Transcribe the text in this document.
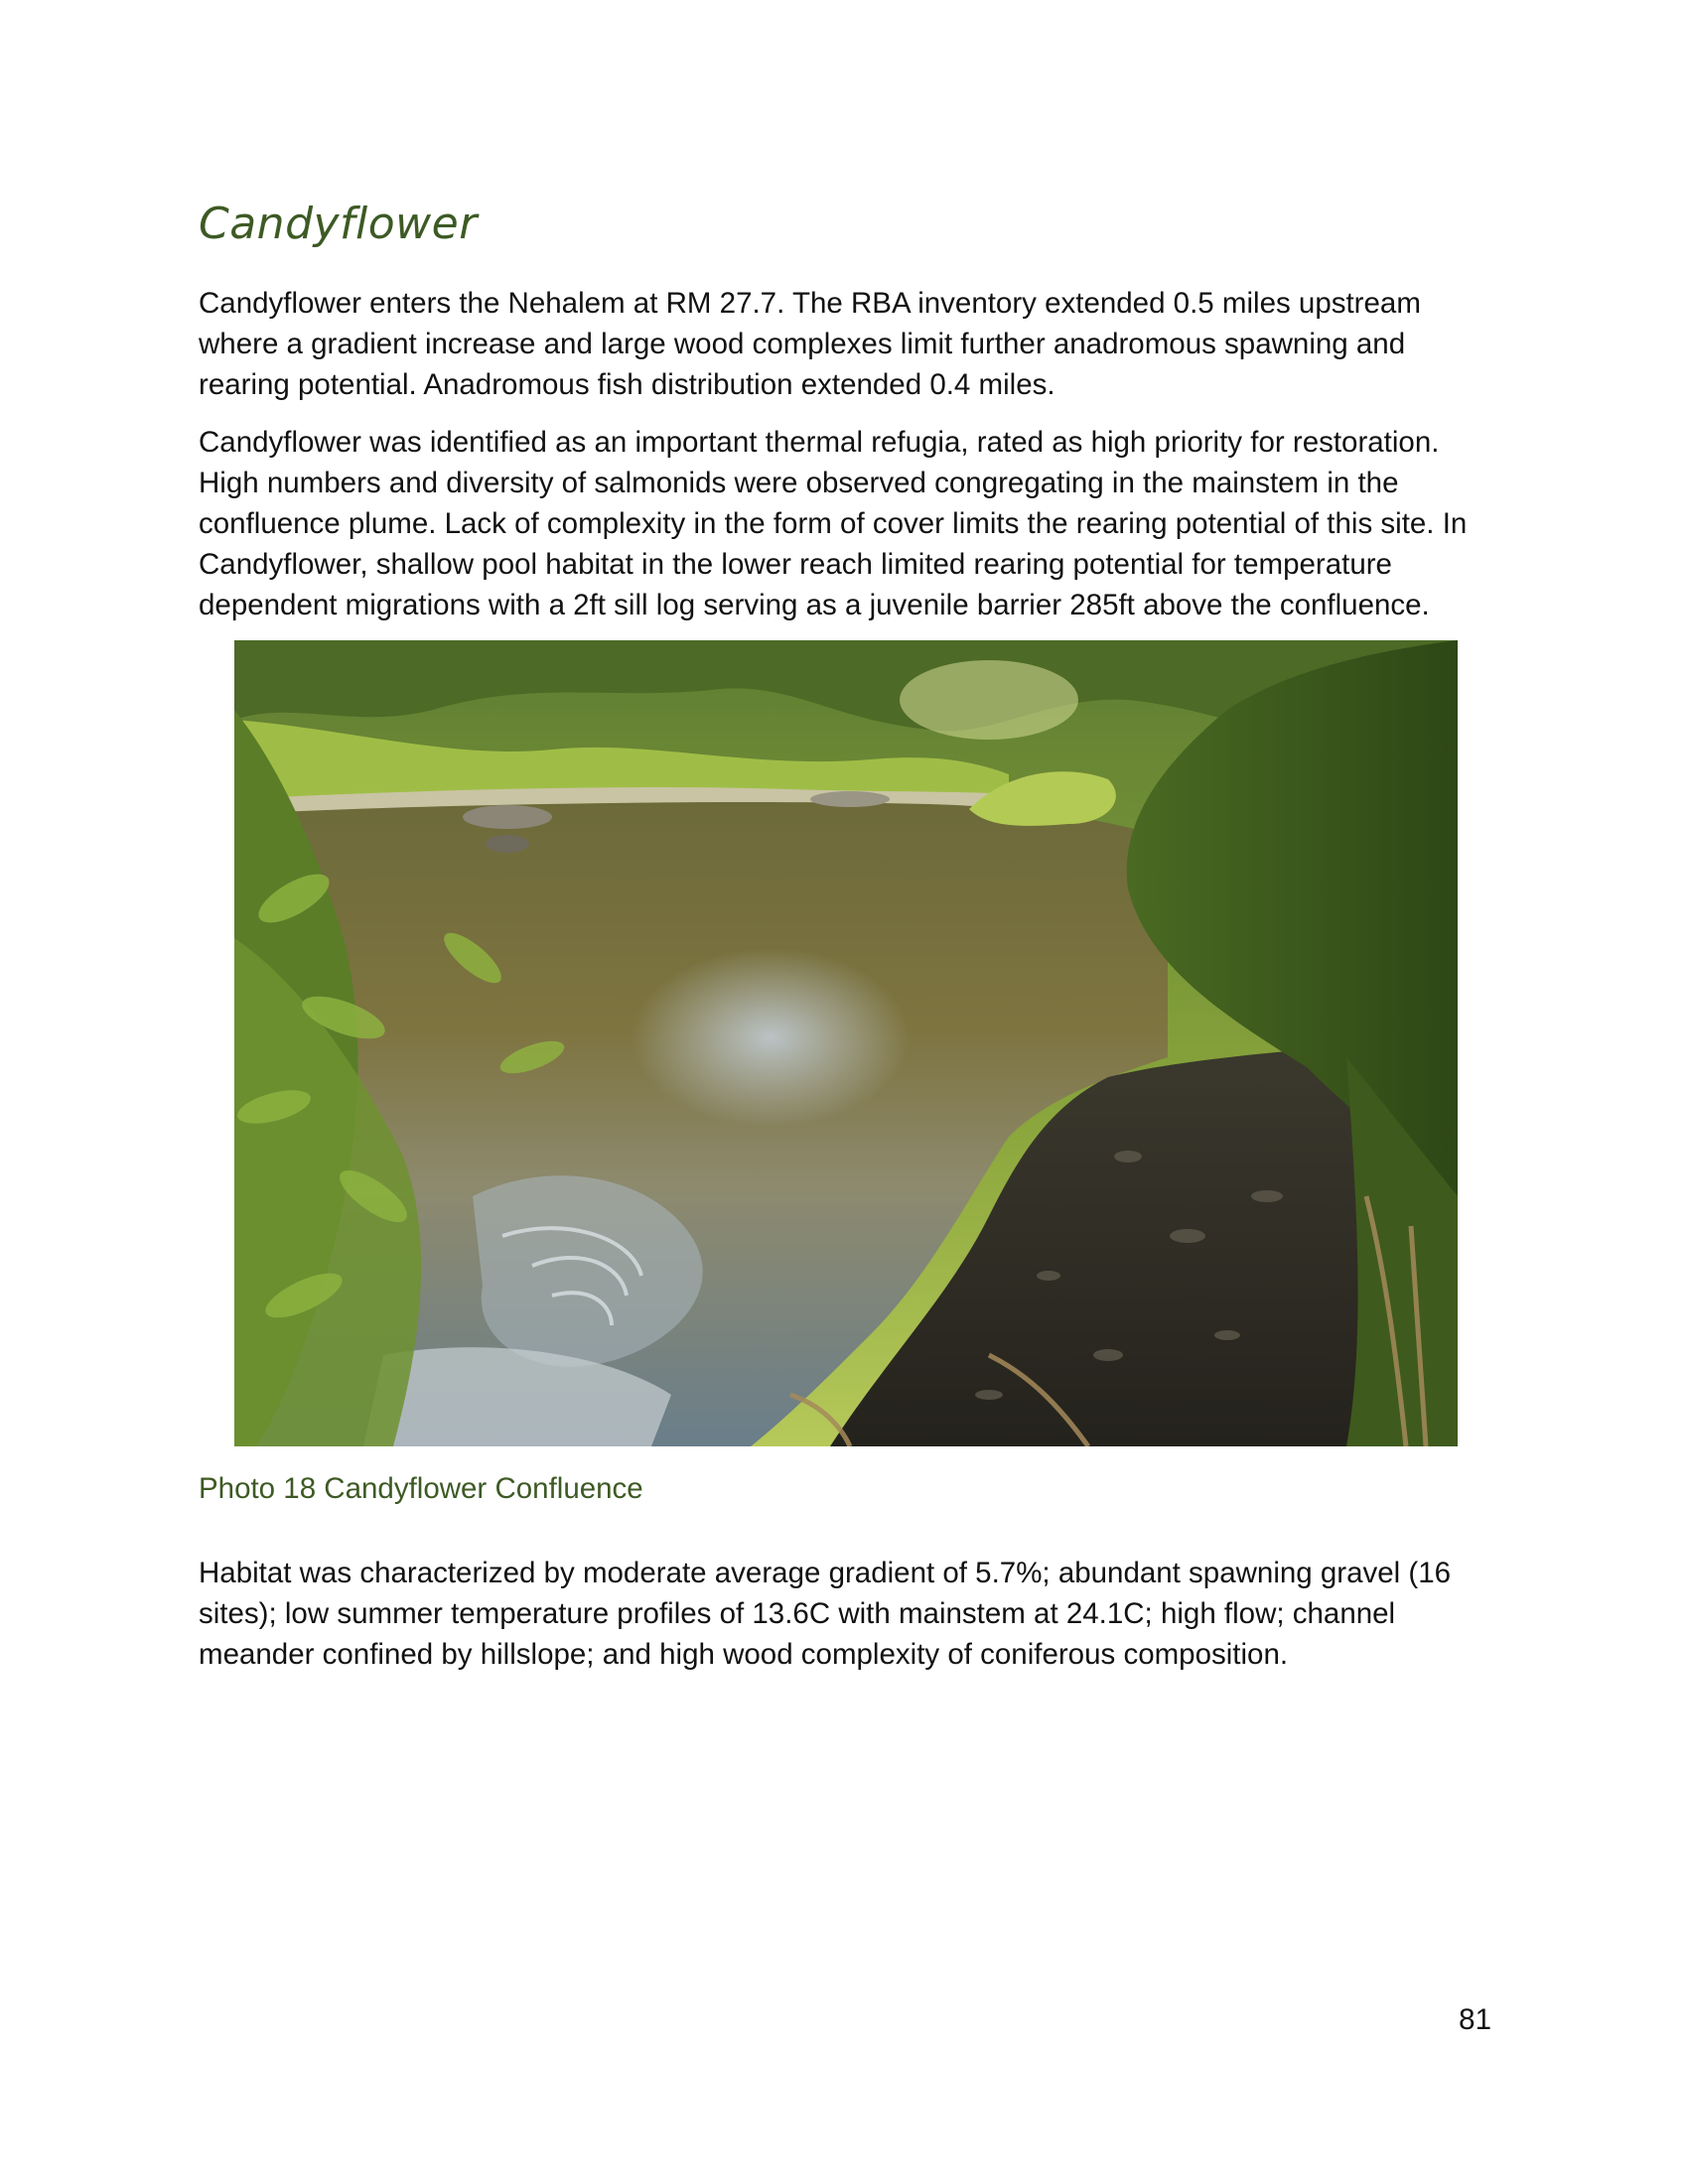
Candyflower

Candyflower enters the Nehalem at RM 27.7. The RBA inventory extended 0.5 miles upstream where a gradient increase and large wood complexes limit further anadromous spawning and rearing potential. Anadromous fish distribution extended 0.4 miles.

Candyflower was identified as an important thermal refugia, rated as high priority for restoration. High numbers and diversity of salmonids were observed congregating in the mainstem in the confluence plume. Lack of complexity in the form of cover limits the rearing potential of this site. In Candyflower, shallow pool habitat in the lower reach limited rearing potential for temperature dependent migrations with a 2ft sill log serving as a juvenile barrier 285ft above the confluence.

Photo 18 Candyflower Confluence

Habitat was characterized by moderate average gradient of 5.7%; abundant spawning gravel (16 sites); low summer temperature profiles of 13.6C with mainstem at 24.1C; high flow; channel meander confined by hillslope; and high wood complexity of coniferous composition.

81
